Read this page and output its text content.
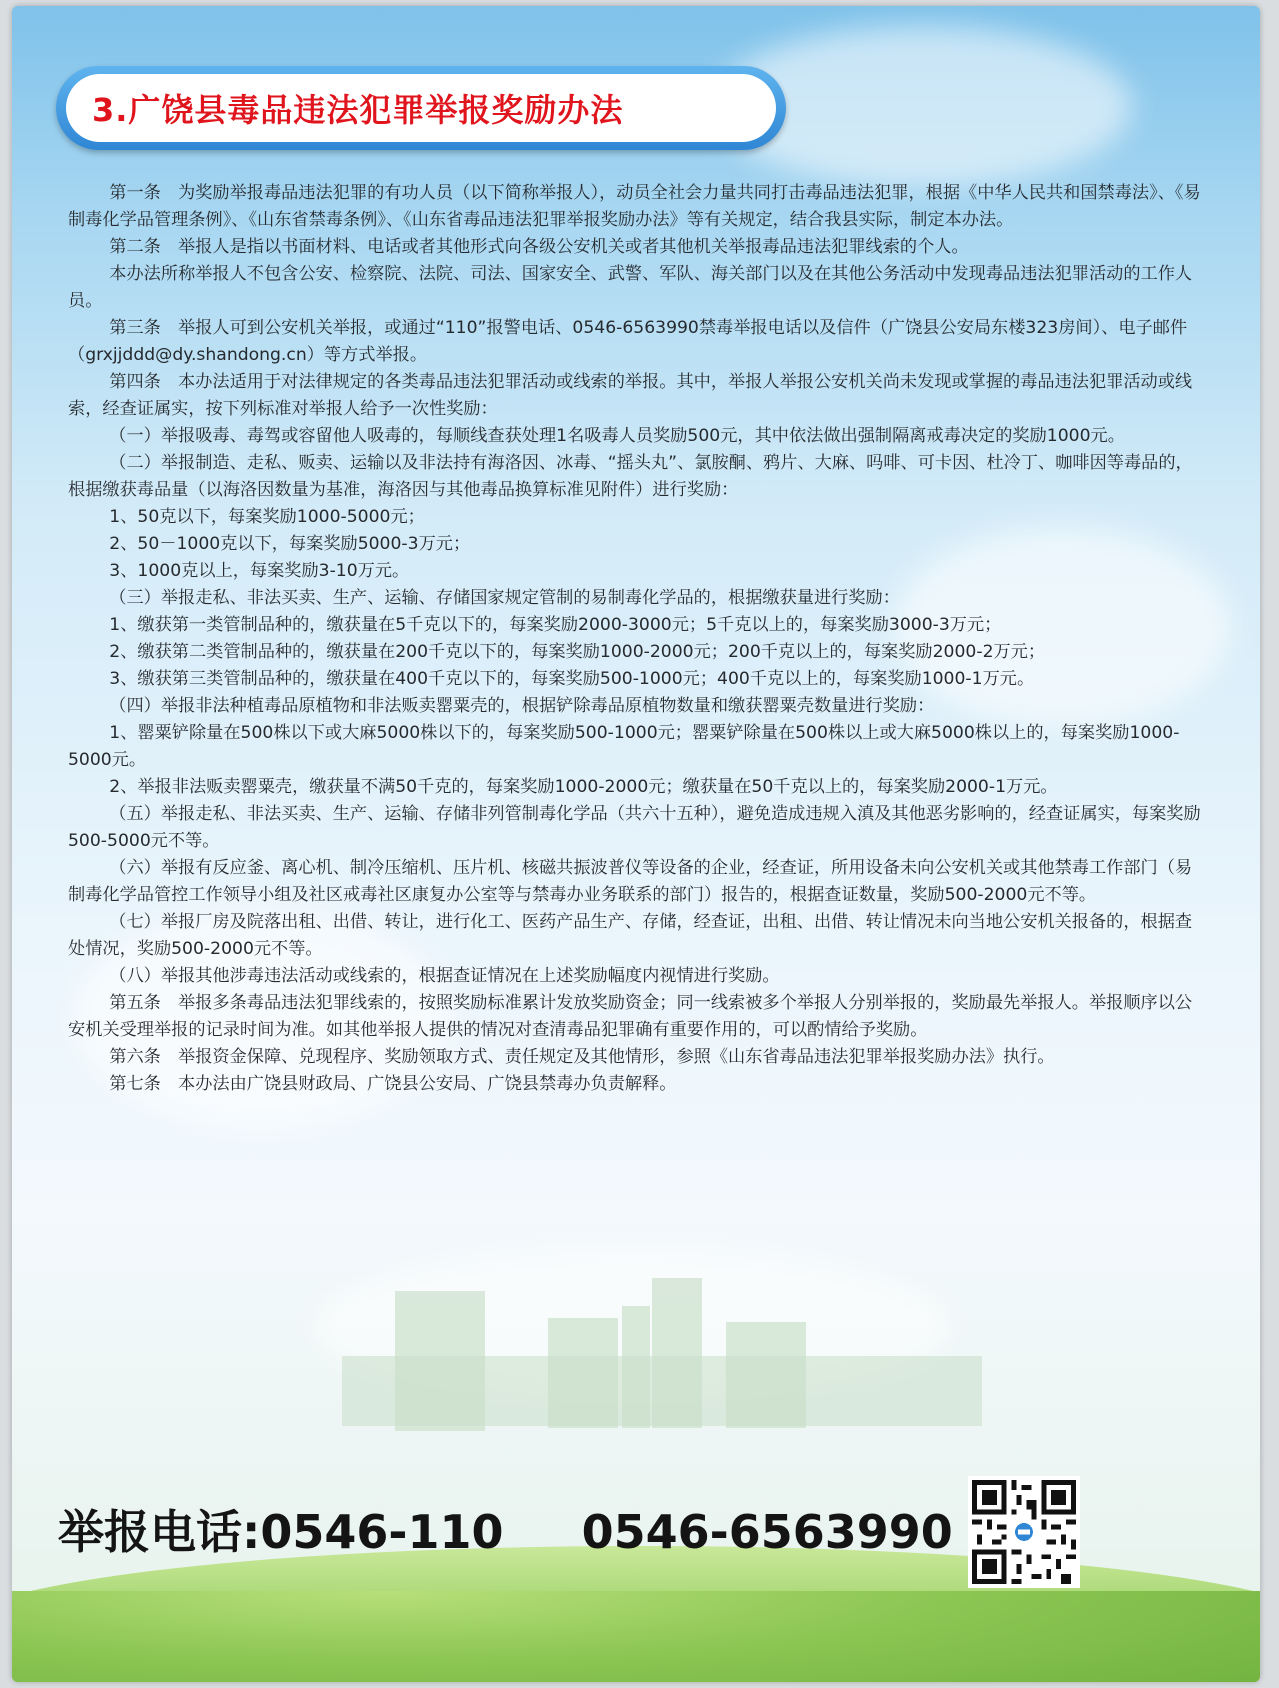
3.广饶县毒品违法犯罪举报奖励办法

第一条　为奖励举报毒品违法犯罪的有功人员（以下简称举报人），动员全社会力量共同打击毒品违法犯罪，根据《中华人民共和国禁毒法》、《易制毒化学品管理条例》、《山东省禁毒条例》、《山东省毒品违法犯罪举报奖励办法》等有关规定，结合我县实际，制定本办法。

第二条　举报人是指以书面材料、电话或者其他形式向各级公安机关或者其他机关举报毒品违法犯罪线索的个人。

本办法所称举报人不包含公安、检察院、法院、司法、国家安全、武警、军队、海关部门以及在其他公务活动中发现毒品违法犯罪活动的工作人员。

第三条　举报人可到公安机关举报，或通过“110”报警电话、0546-6563990禁毒举报电话以及信件（广饶县公安局东楼323房间）、电子邮件（grxjjddd@dy.shandong.cn）等方式举报。

第四条　本办法适用于对法律规定的各类毒品违法犯罪活动或线索的举报。其中，举报人举报公安机关尚未发现或掌握的毒品违法犯罪活动或线索，经查证属实，按下列标准对举报人给予一次性奖励：

（一）举报吸毒、毒驾或容留他人吸毒的，每顺线查获处理1名吸毒人员奖励500元，其中依法做出强制隔离戒毒决定的奖励1000元。

（二）举报制造、走私、贩卖、运输以及非法持有海洛因、冰毒、“摇头丸”、氯胺酮、鸦片、大麻、吗啡、可卡因、杜冷丁、咖啡因等毒品的，根据缴获毒品量（以海洛因数量为基准，海洛因与其他毒品换算标准见附件）进行奖励：

1、50克以下，每案奖励1000-5000元；

2、50－1000克以下，每案奖励5000-3万元；

3、1000克以上，每案奖励3-10万元。

（三）举报走私、非法买卖、生产、运输、存储国家规定管制的易制毒化学品的，根据缴获量进行奖励：

1、缴获第一类管制品种的，缴获量在5千克以下的，每案奖励2000-3000元；5千克以上的，每案奖励3000-3万元；

2、缴获第二类管制品种的，缴获量在200千克以下的，每案奖励1000-2000元；200千克以上的，每案奖励2000-2万元；

3、缴获第三类管制品种的，缴获量在400千克以下的，每案奖励500-1000元；400千克以上的，每案奖励1000-1万元。

（四）举报非法种植毒品原植物和非法贩卖罂粟壳的，根据铲除毒品原植物数量和缴获罂粟壳数量进行奖励：

1、罂粟铲除量在500株以下或大麻5000株以下的，每案奖励500-1000元；罂粟铲除量在500株以上或大麻5000株以上的，每案奖励1000-5000元。

2、举报非法贩卖罂粟壳，缴获量不满50千克的，每案奖励1000-2000元；缴获量在50千克以上的，每案奖励2000-1万元。

（五）举报走私、非法买卖、生产、运输、存储非列管制毒化学品（共六十五种），避免造成违规入滇及其他恶劣影响的，经查证属实，每案奖励500-5000元不等。

（六）举报有反应釜、离心机、制冷压缩机、压片机、核磁共振波普仪等设备的企业，经查证，所用设备未向公安机关或其他禁毒工作部门（易制毒化学品管控工作领导小组及社区戒毒社区康复办公室等与禁毒办业务联系的部门）报告的，根据查证数量，奖励500-2000元不等。

（七）举报厂房及院落出租、出借、转让，进行化工、医药产品生产、存储，经查证，出租、出借、转让情况未向当地公安机关报备的，根据查处情况，奖励500-2000元不等。

（八）举报其他涉毒违法活动或线索的，根据查证情况在上述奖励幅度内视情进行奖励。

第五条　举报多条毒品违法犯罪线索的，按照奖励标准累计发放奖励资金；同一线索被多个举报人分别举报的，奖励最先举报人。举报顺序以公安机关受理举报的记录时间为准。如其他举报人提供的情况对查清毒品犯罪确有重要作用的，可以酌情给予奖励。

第六条　举报资金保障、兑现程序、奖励领取方式、责任规定及其他情形，参照《山东省毒品违法犯罪举报奖励办法》执行。

第七条　本办法由广饶县财政局、广饶县公安局、广饶县禁毒办负责解释。

举报电话:0546-110 0546-6563990
